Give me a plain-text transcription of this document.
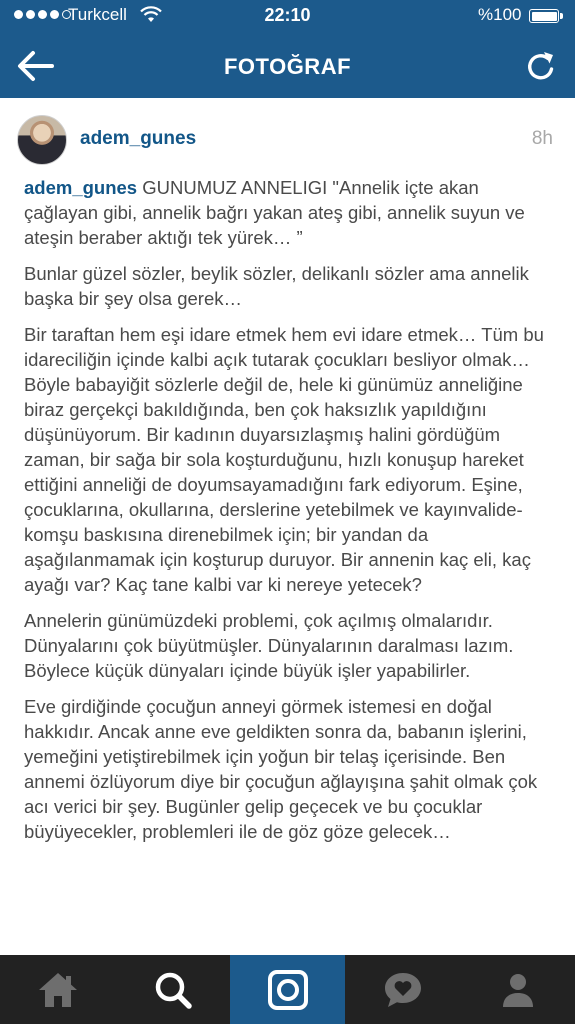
Turkcell	22:10	%100
FOTOĞRAF
adem_gunes	8h

adem_gunes GUNUMUZ ANNELIGI "Annelik içte akan çağlayan gibi, annelik bağrı yakan ateş gibi, annelik suyun ve ateşin beraber aktığı tek yürek… ”

Bunlar güzel sözler, beylik sözler, delikanlı sözler ama annelik başka bir şey olsa gerek…

Bir taraftan hem eşi idare etmek hem evi idare etmek… Tüm bu idareciliğin içinde kalbi açık tutarak çocukları besliyor olmak… Böyle babayiğit sözlerle değil de, hele ki günümüz anneliğine biraz gerçekçi bakıldığında, ben çok haksızlık yapıldığını düşünüyorum. Bir kadının duyarsızlaşmış halini gördüğüm zaman, bir sağa bir sola koşturduğunu, hızlı konuşup hareket ettiğini anneliği de doyumsayamadığını fark ediyorum. Eşine, çocuklarına, okullarına, derslerine yetebilmek ve kayınvalide- komşu baskısına direnebilmek için; bir yandan da aşağılanmamak için koşturup duruyor. Bir annenin kaç eli, kaç ayağı var? Kaç tane kalbi var ki nereye yetecek?

Annelerin günümüzdeki problemi, çok açılmış olmalarıdır. Dünyalarını çok büyütmüşler. Dünyalarının daralması lazım. Böylece küçük dünyaları içinde büyük işler yapabilirler.

Eve girdiğinde çocuğun anneyi görmek istemesi en doğal hakkıdır. Ancak anne eve geldikten sonra da, babanın işlerini, yemeğini yetiştirebilmek için yoğun bir telaş içerisinde. Ben annemi özlüyorum diye bir çocuğun ağlayışına şahit olmak çok acı verici bir şey. Bugünler gelip geçecek ve bu çocuklar büyüyecekler, problemleri ile de göz göze gelecek…
